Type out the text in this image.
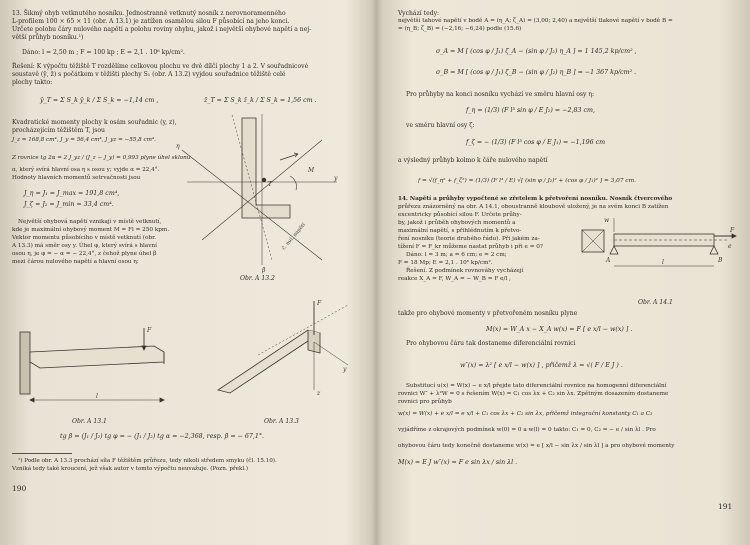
13. Šikmý ohyb vetknutého nosníku. Jednostranně vetknutý nosník z nerovnoramenného
L-profilem 100 × 65 × 11 (obr. A 13.1) je zatížen osamělou silou F působící na jeho konci.
Určete polohu čáry nulového napětí a polohu roviny ohybu, jakož i největší ohybové napětí a nej-
větší průhyb nosníku.¹)
Dáno: l = 2,50 m ; F = 100 kp ; E = 2,1 . 10⁶ kp/cm².
Řešení: K výpočtu těžiště T rozdělíme celkovou plochu ve dvě dílčí plochy 1 a 2. V souřadnicové
soustavě (ȳ, z̄) s počátkem v těžišti plochy S₁ (obr. A 13.2) vyjdou souřadnice těžiště celé
plochy takto:
ȳ_T = Σ S_k ȳ_k / Σ S_k = −1,14 cm ,	z̄_T = Σ S_k z̄_k / Σ S_k = 1,56 cm .
Kvadratické momenty plochy k osám souřadnic (y, z),
procházejícím těžištěm T, jsou
J_z = 168,8 cm⁴, J_y = 56,4 cm⁴, J_yz = −55,8 cm⁴.
Z rovnice tg 2α = 2 J_yz / (J_z − J_y) = 0,993 plyne úhel sklonu
α, který svírá hlavní osa η s osou y; vyjde α = 22,4°.
Hodnoty hlavních momentů setrvačnosti jsou
J_η = J₁ = J_max = 191,8 cm⁴,
J_ζ = J₂ = J_min = 33,4 cm⁴.
Největší ohybová napětí vznikají v místě vetknutí,
kde je maximální ohybový moment M = Fl = 250 kpm.
Vektor momentu působícího v místě vetknutí (obr.
A 13.3) má směr osy y. Úhel φ, který svírá s hlavní
osou η, je φ = − α = − 22,4°, z čehož plyne úhel β
mezi čárou nulového napětí a hlavní osou η:
M
β
η
y
T
č. nul. napětí
Obr. A 13.2
F
l
Obr. A 13.1
F
y
z
Obr. A 13.3
tg β = (J₁ / J₂) tg φ = − (J₁ / J₂) tg α = −2,368, resp. β = − 67,1°.
¹) Podle obr. A 13.3 prochází síla F těžištěm průřezu, tedy nikoli středem smyku (čl. 15.10).
Vzniká tedy také kroucení, jež však autor v tomto výpočtu neuvažuje. (Pozn. překl.)
190
Vychází tedy:
největší tahové napětí v bodě A = (η_A; ζ_A) = (3,00; 2,40) a největší tlakové napětí v bodě B =
= (η_B; ζ_B) = (−2,16; −6,24) podle (15.6)
σ_A = M [ (cos φ / J₁) ζ_A − (sin φ / J₂) η_A ] = 1 145,2 kp/cm² ,
σ_B = M [ (cos φ / J₁) ζ_B − (sin φ / J₂) η_B ] = −1 367 kp/cm² .
Pro průhyby na konci nosníku vychází ve směru hlavní osy η:
f_η = (1/3) (F l³ sin φ / E J₂) = −2,83 cm,
ve směru hlavní osy ζ:
f_ζ = − (1/3) (F l³ cos φ / E J₁) = −1,196 cm
a výsledný průhyb kolmo k čáře nulového napětí
f = √(f_η² + f_ζ²) = (1/3) (F l³ / E) √[ (sin φ / J₂)² + (cos φ / J₁)² ] = 3,07 cm.
14. Napětí a průhyby vypočtené se zřetelem k přetvoření nosníku. Nosník čtvercového
průřezu znázorněný na obr. A 14.1, oboustranně kloubově uložený, je na svém konci B zatížen
excentricky působící silou F. Určete průhy-
by, jakož i průběh ohybových momentů a
maximální napětí, s přihlédnutím k přetvo-
ření nosníku (teorie druhého řádu). Při jakém za-
tížení F = F_kr můžeme nastat průhyb i při e = 0?
Dáno: l = 3 m; a = 6 cm; e = 2 cm;
F = 18 Mp; E = 2,1 . 10⁶ kp/cm².
Řešení. Z podmínek rovnováhy vycházejí
reakce X_A = F, W_A = − W_B = F e/l ,
F
l
A	B
w
e
Obr. A 14.1
takže pro ohybové momenty v přetvořeném nosníku plyne
M(x) = W_A x − X_A w(x) = F [ e x/l − w(x) ] .
Pro ohybovou čáru tak dostaneme diferenciální rovnici
w″(x) = λ² [ e x/l − w(x) ] , přičemž λ = √( F / E J ) .
Substitucí u(x) = W(x) − e x/l přejde tato diferenciální rovnice na homogenní diferenciální
rovnici W″ + λ²W = 0 s řešením W(x) = C₁ cos λx + C₂ sin λx. Zpětným dosazením dostaneme
rovnici pro průhyb
w(x) = W(x) + e x/l = e x/l + C₁ cos λx + C₂ sin λx, přičemž integrační konstanty C₁ a C₂
vyjádříme z okrajových podmínek w(0) = 0 a w(l) = 0 takto: C₁ = 0, C₂ = − e / sin λl . Pro
ohybovou čáru tedy konečně dostaneme w(x) = e [ x/l − sin λx / sin λl ] a pro ohybové momenty
M(x) = E J w″(x) = F e sin λx / sin λl .
191
